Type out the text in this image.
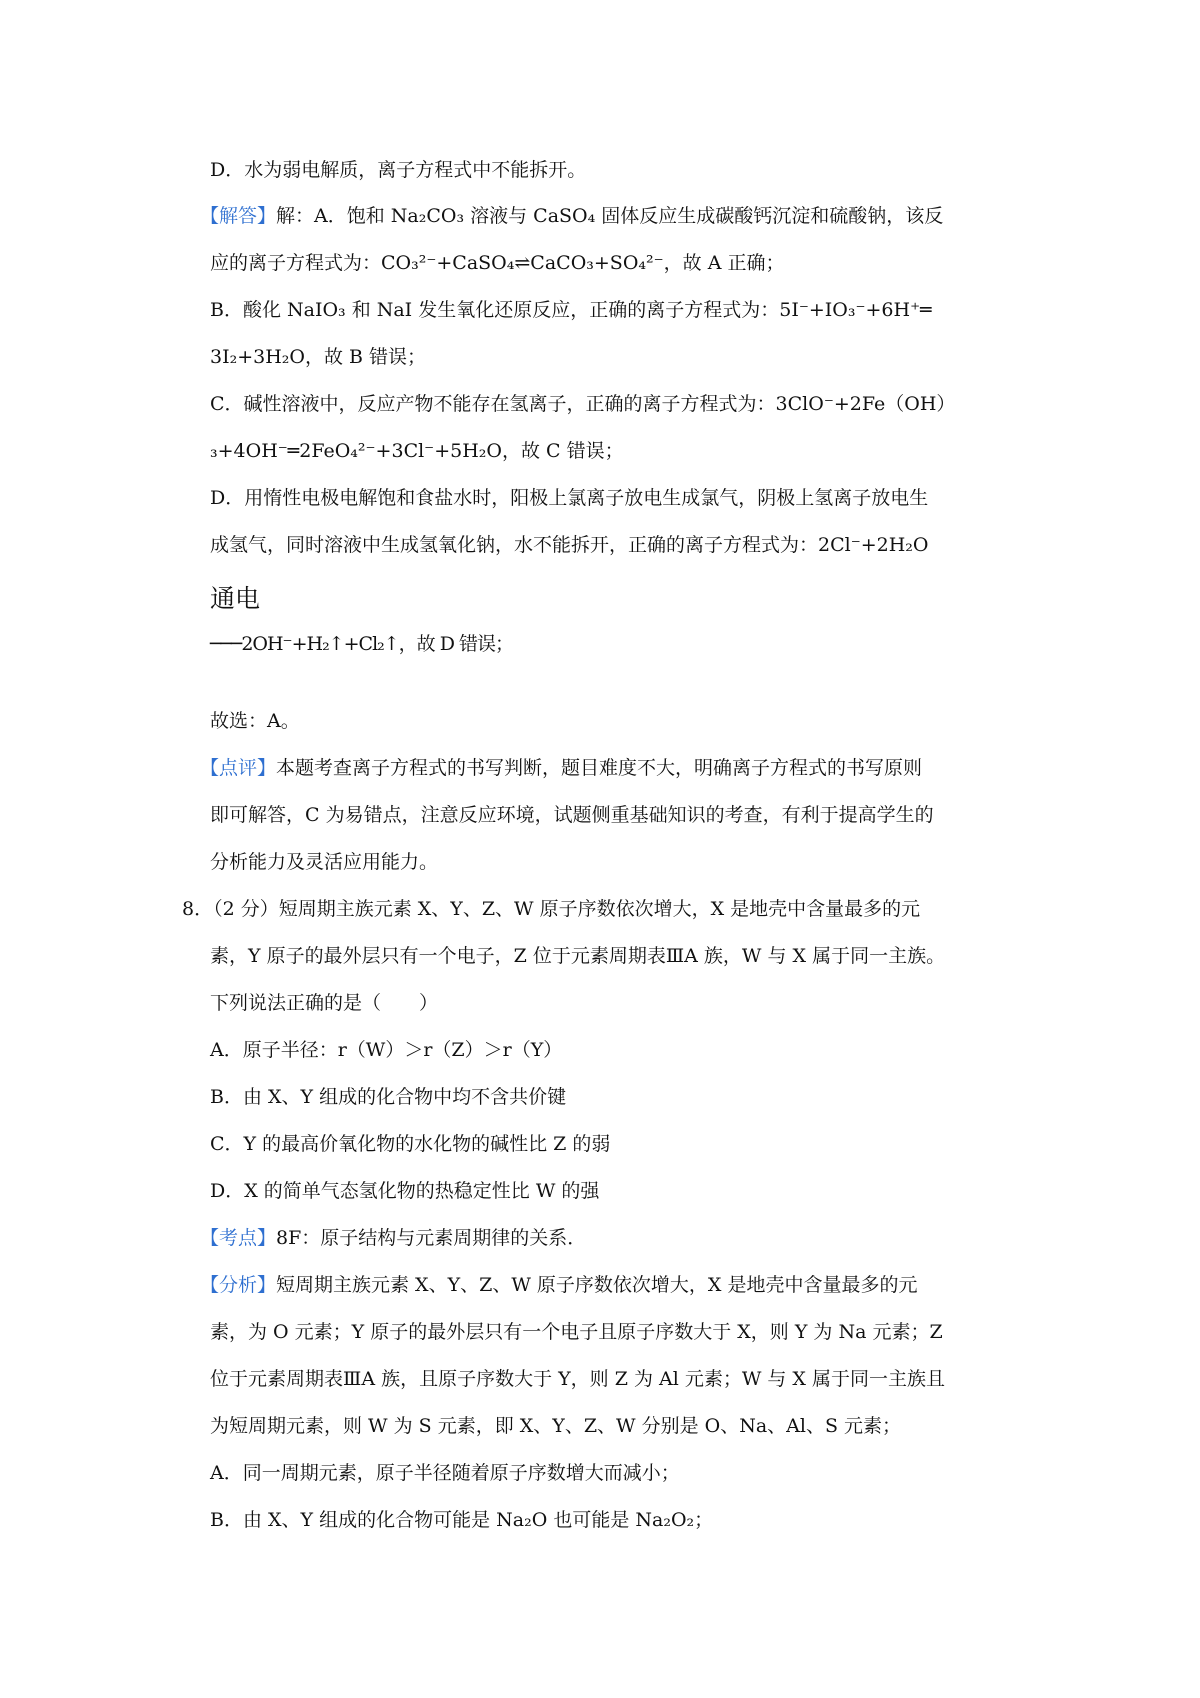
D．水为弱电解质，离子方程式中不能拆开。
【解答】解：A．饱和 Na₂CO₃ 溶液与 CaSO₄ 固体反应生成碳酸钙沉淀和硫酸钠，该反
应的离子方程式为：CO₃²⁻+CaSO₄⇌CaCO₃+SO₄²⁻，故 A 正确；
B．酸化 NaIO₃ 和 NaI 发生氧化还原反应，正确的离子方程式为：5I⁻+IO₃⁻+6H⁺═
3I₂+3H₂O，故 B 错误；
C．碱性溶液中，反应产物不能存在氢离子，正确的离子方程式为：3ClO⁻+2Fe（OH）
₃+4OH⁻═2FeO₄²⁻+3Cl⁻+5H₂O，故 C 错误；
D．用惰性电极电解饱和食盐水时，阳极上氯离子放电生成氯气，阴极上氢离子放电生
成氢气，同时溶液中生成氢氧化钠，水不能拆开，正确的离子方程式为：2Cl⁻+2H₂O
通电
───2OH⁻+H₂↑+Cl₂↑，故 D 错误；
故选：A。
【点评】本题考查离子方程式的书写判断，题目难度不大，明确离子方程式的书写原则
即可解答，C 为易错点，注意反应环境，试题侧重基础知识的考查，有利于提高学生的
分析能力及灵活应用能力。
8．（2 分）短周期主族元素 X、Y、Z、W 原子序数依次增大，X 是地壳中含量最多的元
素，Y 原子的最外层只有一个电子，Z 位于元素周期表ⅢA 族，W 与 X 属于同一主族。
下列说法正确的是（　　）
A．原子半径：r（W）＞r（Z）＞r（Y）
B．由 X、Y 组成的化合物中均不含共价键
C．Y 的最高价氧化物的水化物的碱性比 Z 的弱
D．X 的简单气态氢化物的热稳定性比 W 的强
【考点】8F：原子结构与元素周期律的关系．
【分析】短周期主族元素 X、Y、Z、W 原子序数依次增大，X 是地壳中含量最多的元
素，为 O 元素；Y 原子的最外层只有一个电子且原子序数大于 X，则 Y 为 Na 元素；Z
位于元素周期表ⅢA 族，且原子序数大于 Y，则 Z 为 Al 元素；W 与 X 属于同一主族且
为短周期元素，则 W 为 S 元素，即 X、Y、Z、W 分别是 O、Na、Al、S 元素；
A．同一周期元素，原子半径随着原子序数增大而减小；
B．由 X、Y 组成的化合物可能是 Na₂O 也可能是 Na₂O₂；
